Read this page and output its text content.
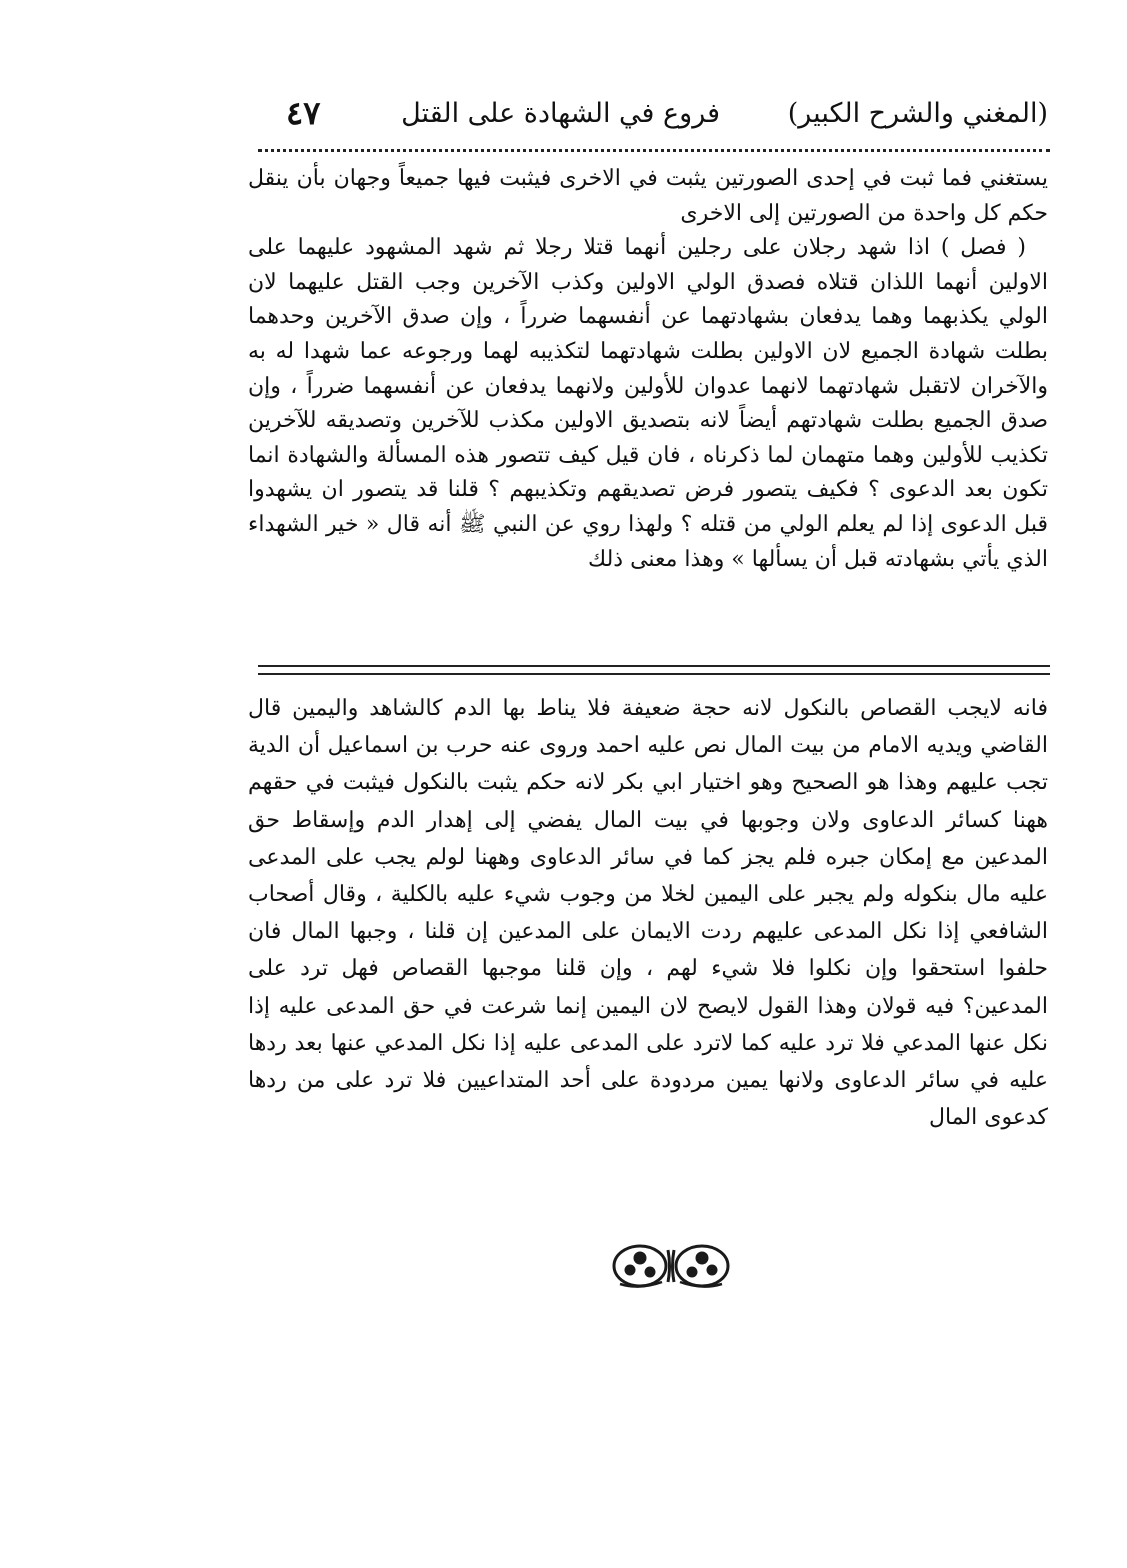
(المغني والشرح الكبير)
فروع في الشهادة على القتل
٤٧

يستغني فما ثبت في إحدى الصورتين يثبت في الاخرى فيثبت فيها جميعاً وجهان بأن ينقل حكم كل واحدة من الصورتين إلى الاخرى

( فصل ) اذا شهد رجلان على رجلين أنهما قتلا رجلا ثم شهد المشهود عليهما على الاولين أنهما اللذان قتلاه فصدق الولي الاولين وكذب الآخرين وجب القتل عليهما لان الولي يكذبهما وهما يدفعان بشهادتهما عن أنفسهما ضرراً ، وإن صدق الآخرين وحدهما بطلت شهادة الجميع لان الاولين بطلت شهادتهما لتكذيبه لهما ورجوعه عما شهدا له به والآخران لاتقبل شهادتهما لانهما عدوان للأولين ولانهما يدفعان عن أنفسهما ضرراً ، وإن صدق الجميع بطلت شهادتهم أيضاً لانه بتصديق الاولين مكذب للآخرين وتصديقه للآخرين تكذيب للأولين وهما متهمان لما ذكرناه ، فان قيل كيف تتصور هذه المسألة والشهادة انما تكون بعد الدعوى ؟ فكيف يتصور فرض تصديقهم وتكذيبهم ؟ قلنا قد يتصور ان يشهدوا قبل الدعوى إذا لم يعلم الولي من قتله ؟ ولهذا روي عن النبي ﷺ أنه قال « خير الشهداء الذي يأتي بشهادته قبل أن يسألها » وهذا معنى ذلك

فانه لايجب القصاص بالنكول لانه حجة ضعيفة فلا يناط بها الدم كالشاهد واليمين قال القاضي ويديه الامام من بيت المال نص عليه احمد وروى عنه حرب بن اسماعيل أن الدية تجب عليهم وهذا هو الصحيح وهو اختيار ابي بكر لانه حكم يثبت بالنكول فيثبت في حقهم ههنا كسائر الدعاوى ولان وجوبها في بيت المال يفضي إلى إهدار الدم وإسقاط حق المدعين مع إمكان جبره فلم يجز كما في سائر الدعاوى وههنا لولم يجب على المدعى عليه مال بنكوله ولم يجبر على اليمين لخلا من وجوب شيء عليه بالكلية ، وقال أصحاب الشافعي إذا نكل المدعى عليهم ردت الايمان على المدعين إن قلنا ، وجبها المال فان حلفوا استحقوا وإن نكلوا فلا شيء لهم ، وإن قلنا موجبها القصاص فهل ترد على المدعين؟ فيه قولان وهذا القول لايصح لان اليمين إنما شرعت في حق المدعى عليه إذا نكل عنها المدعي فلا ترد عليه كما لاترد على المدعى عليه إذا نكل المدعي عنها بعد ردها عليه في سائر الدعاوى ولانها يمين مردودة على أحد المتداعيين فلا ترد على من ردها كدعوى المال
